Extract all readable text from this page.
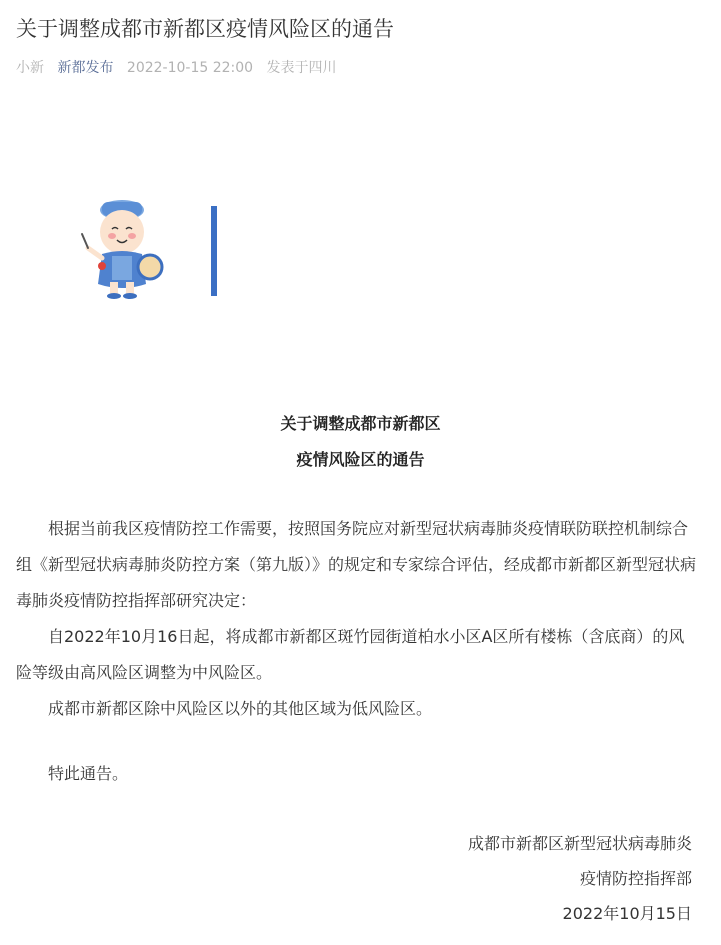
关于调整成都市新都区疫情风险区的通告
小新 新都发布 2022-10-15 22:00 发表于四川
关于调整成都市新都区
疫情风险区的通告

根据当前我区疫情防控工作需要，按照国务院应对新型冠状病毒肺炎疫情联防联控机制综合组《新型冠状病毒肺炎防控方案（第九版）》的规定和专家综合评估，经成都市新都区新型冠状病毒肺炎疫情防控指挥部研究决定：

自2022年10月16日起，将成都市新都区斑竹园街道柏水小区A区所有楼栋（含底商）的风险等级由高风险区调整为中风险区。

成都市新都区除中风险区以外的其他区域为低风险区。

特此通告。
成都市新都区新型冠状病毒肺炎
疫情防控指挥部
2022年10月15日
